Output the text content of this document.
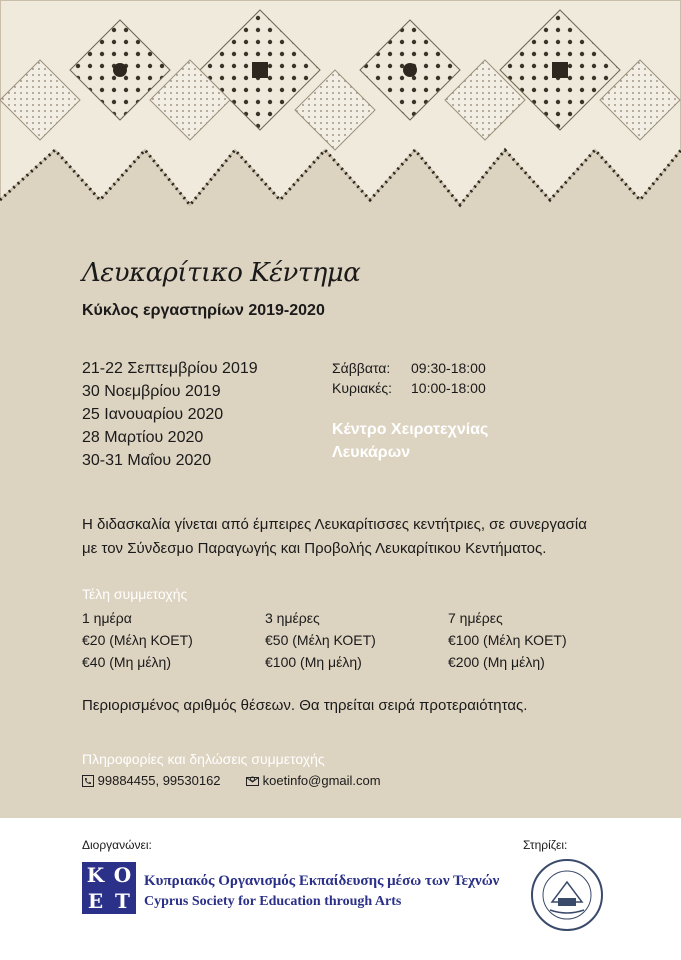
Λευκαρίτικο Κέντημα
Κύκλος εργαστηρίων 2019-2020
21-22 Σεπτεμβρίου 2019
30 Νοεμβρίου 2019
25 Ιανουαρίου 2020
28 Μαρτίου 2020
30-31 Μαΐου 2020
Σάββατα: 09:30-18:00
Κυριακές: 10:00-18:00
Κέντρο Χειροτεχνίας
Λευκάρων
Η διδασκαλία γίνεται από έμπειρες Λευκαρίτισσες κεντήτριες, σε συνεργασία
με τον Σύνδεσμο Παραγωγής και Προβολής Λευκαρίτικου Κεντήματος.
Τέλη συμμετοχής
1 ημέρα
€20 (Μέλη ΚΟΕΤ)
€40 (Μη μέλη)
3 ημέρες
€50 (Μέλη ΚΟΕΤ)
€100 (Μη μέλη)
7 ημέρες
€100 (Μέλη ΚΟΕΤ)
€200 (Μη μέλη)
Περιορισμένος αριθμός θέσεων. Θα τηρείται σειρά προτεραιότητας.
Πληροφορίες και δηλώσεις συμμετοχής
99884455, 99530162	koetinfo@gmail.com
Διοργανώνει:	Στηρίζει:
Κ Ο
Ε Τ
Κυπριακός Οργανισμός Εκπαίδευσης μέσω των Τεχνών
Cyprus Society for Education through Arts
